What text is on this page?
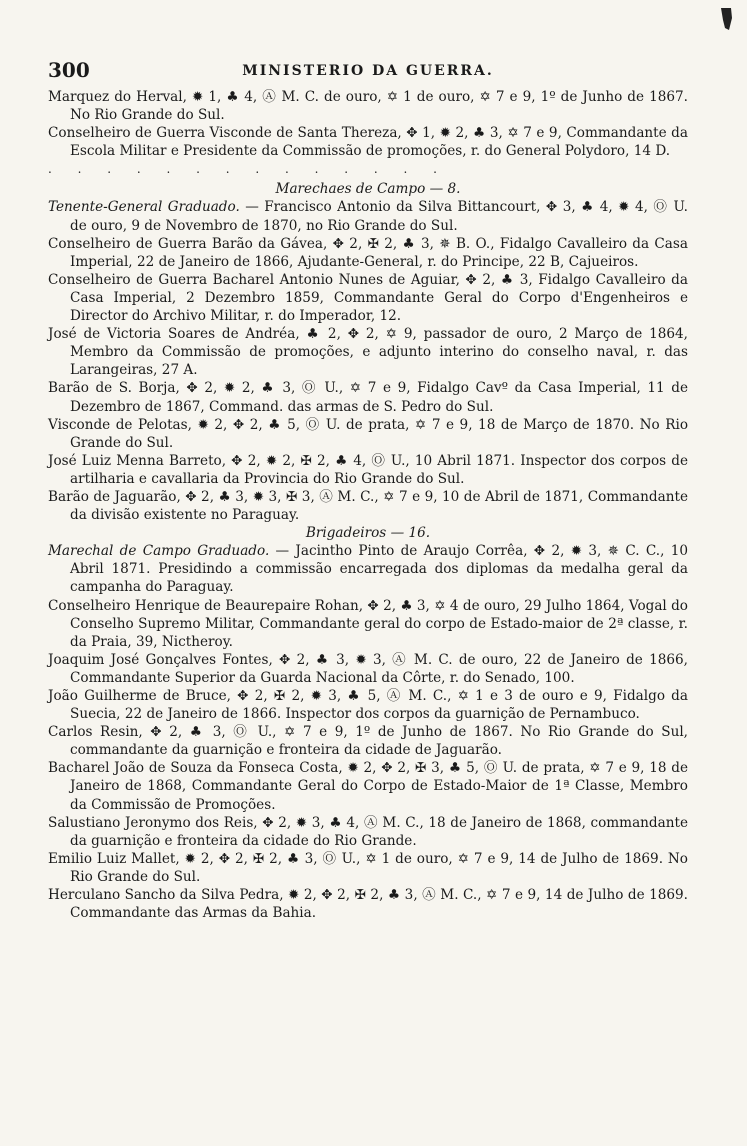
300	MINISTERIO DA GUERRA.

Marquez do Herval, ✹ 1, ♣ 4, Ⓐ M. C. de ouro, ✡ 1 de ouro, ✡ 7 e 9, 1º de Junho de 1867. No Rio Grande do Sul.

Conselheiro de Guerra Visconde de Santa Thereza, ✥ 1, ✹ 2, ♣ 3, ✡ 7 e 9, Commandante da Escola Militar e Presidente da Commissão de promoções, r. do General Polydoro, 14 D.

. . . . . . . . . . . . . .

Marechaes de Campo — 8.

Tenente-General Graduado. — Francisco Antonio da Silva Bittancourt, ✥ 3, ♣ 4, ✹ 4, Ⓞ U. de ouro, 9 de Novembro de 1870, no Rio Grande do Sul.

Conselheiro de Guerra Barão da Gávea, ✥ 2, ✠ 2, ♣ 3, ✵ B. O., Fidalgo Cavalleiro da Casa Imperial, 22 de Janeiro de 1866, Ajudante-General, r. do Principe, 22 B, Cajueiros.

Conselheiro de Guerra Bacharel Antonio Nunes de Aguiar, ✥ 2, ♣ 3, Fidalgo Cavalleiro da Casa Imperial, 2 Dezembro 1859, Commandante Geral do Corpo d'Engenheiros e Director do Archivo Militar, r. do Imperador, 12.

José de Victoria Soares de Andréa, ♣ 2, ✥ 2, ✡ 9, passador de ouro, 2 Março de 1864, Membro da Commissão de promoções, e adjunto interino do conselho naval, r. das Larangeiras, 27 A.

Barão de S. Borja, ✥ 2, ✹ 2, ♣ 3, Ⓞ U., ✡ 7 e 9, Fidalgo Cavº da Casa Imperial, 11 de Dezembro de 1867, Command. das armas de S. Pedro do Sul.

Visconde de Pelotas, ✹ 2, ✥ 2, ♣ 5, Ⓞ U. de prata, ✡ 7 e 9, 18 de Março de 1870. No Rio Grande do Sul.

José Luiz Menna Barreto, ✥ 2, ✹ 2, ✠ 2, ♣ 4, Ⓞ U., 10 Abril 1871. Inspector dos corpos de artilharia e cavallaria da Provincia do Rio Grande do Sul.

Barão de Jaguarão, ✥ 2, ♣ 3, ✹ 3, ✠ 3, Ⓐ M. C., ✡ 7 e 9, 10 de Abril de 1871, Commandante da divisão existente no Paraguay.

Brigadeiros — 16.

Marechal de Campo Graduado. — Jacintho Pinto de Araujo Corrêa, ✥ 2, ✹ 3, ✵ C. C., 10 Abril 1871. Presidindo a commissão encarregada dos diplomas da medalha geral da campanha do Paraguay.

Conselheiro Henrique de Beaurepaire Rohan, ✥ 2, ♣ 3, ✡ 4 de ouro, 29 Julho 1864, Vogal do Conselho Supremo Militar, Commandante geral do corpo de Estado-maior de 2ª classe, r. da Praia, 39, Nictheroy.

Joaquim José Gonçalves Fontes, ✥ 2, ♣ 3, ✹ 3, Ⓐ M. C. de ouro, 22 de Janeiro de 1866, Commandante Superior da Guarda Nacional da Côrte, r. do Senado, 100.

João Guilherme de Bruce, ✥ 2, ✠ 2, ✹ 3, ♣ 5, Ⓐ M. C., ✡ 1 e 3 de ouro e 9, Fidalgo da Suecia, 22 de Janeiro de 1866. Inspector dos corpos da guarnição de Pernambuco.

Carlos Resin, ✥ 2, ♣ 3, Ⓞ U., ✡ 7 e 9, 1º de Junho de 1867. No Rio Grande do Sul, commandante da guarnição e fronteira da cidade de Jaguarão.

Bacharel João de Souza da Fonseca Costa, ✹ 2, ✥ 2, ✠ 3, ♣ 5, Ⓞ U. de prata, ✡ 7 e 9, 18 de Janeiro de 1868, Commandante Geral do Corpo de Estado-Maior de 1ª Classe, Membro da Commissão de Promoções.

Salustiano Jeronymo dos Reis, ✥ 2, ✹ 3, ♣ 4, Ⓐ M. C., 18 de Janeiro de 1868, commandante da guarnição e fronteira da cidade do Rio Grande.

Emilio Luiz Mallet, ✹ 2, ✥ 2, ✠ 2, ♣ 3, Ⓞ U., ✡ 1 de ouro, ✡ 7 e 9, 14 de Julho de 1869. No Rio Grande do Sul.

Herculano Sancho da Silva Pedra, ✹ 2, ✥ 2, ✠ 2, ♣ 3, Ⓐ M. C., ✡ 7 e 9, 14 de Julho de 1869. Commandante das Armas da Bahia.
